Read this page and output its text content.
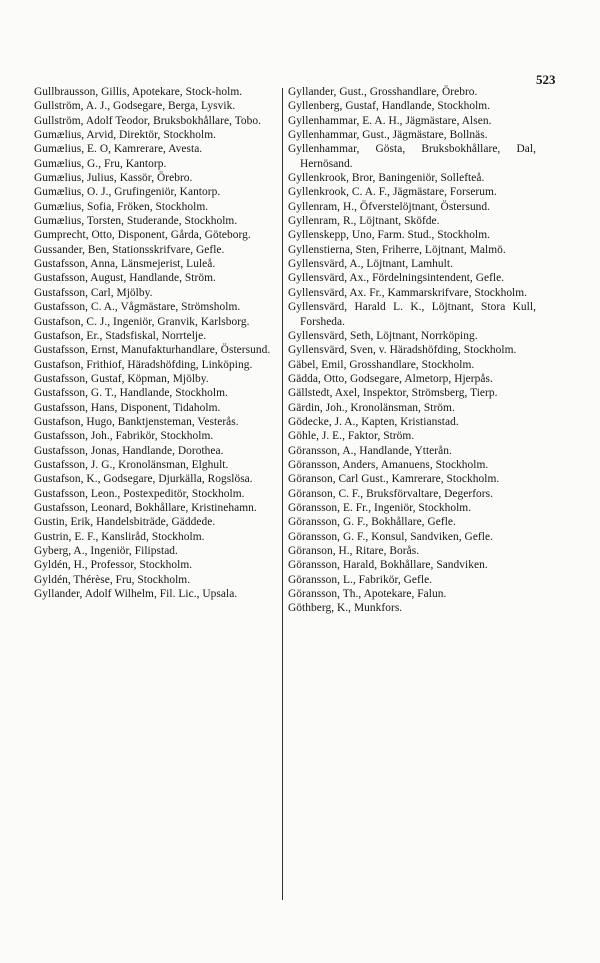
523
Gullbrausson, Gillis, Apotekare, Stock-holm.
Gullström, A. J., Godsegare, Berga, Lysvik.
Gullström, Adolf Teodor, Bruksbokhållare, Tobo.
Gumælius, Arvid, Direktör, Stockholm.
Gumælius, E. O, Kamrerare, Avesta.
Gumælius, G., Fru, Kantorp.
Gumælius, Julius, Kassör, Örebro.
Gumælius, O. J., Grufingeniör, Kantorp.
Gumælius, Sofia, Fröken, Stockholm.
Gumælius, Torsten, Studerande, Stockholm.
Gumprecht, Otto, Disponent, Gårda, Göteborg.
Gussander, Ben, Stationsskrifvare, Gefle.
Gustafsson, Anna, Länsmejerist, Luleå.
Gustafsson, August, Handlande, Ström.
Gustafsson, Carl, Mjölby.
Gustafsson, C. A., Vågmästare, Strömsholm.
Gustafson, C. J., Ingeniör, Granvik, Karlsborg.
Gustafson, Er., Stadsfiskal, Norrtelje.
Gustafsson, Ernst, Manufakturhandlare, Östersund.
Gustafson, Frithiof, Häradshöfding, Linköping.
Gustafsson, Gustaf, Köpman, Mjölby.
Gustafsson, G. T., Handlande, Stockholm.
Gustafsson, Hans, Disponent, Tidaholm.
Gustafson, Hugo, Banktjensteman, Vesterås.
Gustafsson, Joh., Fabrikör, Stockholm.
Gustafsson, Jonas, Handlande, Dorothea.
Gustafsson, J. G., Kronolänsman, Elghult.
Gustafson, K., Godsegare, Djurkälla, Rogslösa.
Gustafsson, Leon., Postexpeditör, Stockholm.
Gustafsson, Leonard, Bokhållare, Kristinehamn.
Gustin, Erik, Handelsbiträde, Gäddede.
Gustrin, E. F., Kansliråd, Stockholm.
Gyberg, A., Ingeniör, Filipstad.
Gyldén, H., Professor, Stockholm.
Gyldén, Thérèse, Fru, Stockholm.
Gyllander, Adolf Wilhelm, Fil. Lic., Upsala.
Gyllander, Gust., Grosshandlare, Örebro.
Gyllenberg, Gustaf, Handlande, Stockholm.
Gyllenhammar, E. A. H., Jägmästare, Alsen.
Gyllenhammar, Gust., Jägmästare, Bollnäs.
Gyllenhammar, Gösta, Bruksbokhållare, Dal, Hernösand.
Gyllenkrook, Bror, Baningeniör, Sollefteå.
Gyllenkrook, C. A. F., Jägmästare, Forserum.
Gyllenram, H., Öfverstelöjtnant, Östersund.
Gyllenram, R., Löjtnant, Sköfde.
Gyllenskepp, Uno, Farm. Stud., Stockholm.
Gyllenstierna, Sten, Friherre, Löjtnant, Malmö.
Gyllensvärd, A., Löjtnant, Lamhult.
Gyllensvärd, Ax., Fördelningsintendent, Gefle.
Gyllensvärd, Ax. Fr., Kammarskrifvare, Stockholm.
Gyllensvärd, Harald L. K., Löjtnant, Stora Kull, Forsheda.
Gyllensvärd, Seth, Löjtnant, Norrköping.
Gyllensvärd, Sven, v. Häradshöfding, Stockholm.
Gäbel, Emil, Grosshandlare, Stockholm.
Gädda, Otto, Godsegare, Almetorp, Hjerpås.
Gällstedt, Axel, Inspektor, Strömsberg, Tierp.
Gärdin, Joh., Kronolänsman, Ström.
Gödecke, J. A., Kapten, Kristianstad.
Göhle, J. E., Faktor, Ström.
Göransson, A., Handlande, Ytterån.
Göransson, Anders, Amanuens, Stockholm.
Göranson, Carl Gust., Kamrerare, Stockholm.
Göranson, C. F., Bruksförvaltare, Degerfors.
Göransson, E. Fr., Ingeniör, Stockholm.
Göransson, G. F., Bokhållare, Gefle.
Göransson, G. F., Konsul, Sandviken, Gefle.
Göranson, H., Ritare, Borås.
Göransson, Harald, Bokhållare, Sandviken.
Göransson, L., Fabrikör, Gefle.
Göransson, Th., Apotekare, Falun.
Göthberg, K., Munkfors.
